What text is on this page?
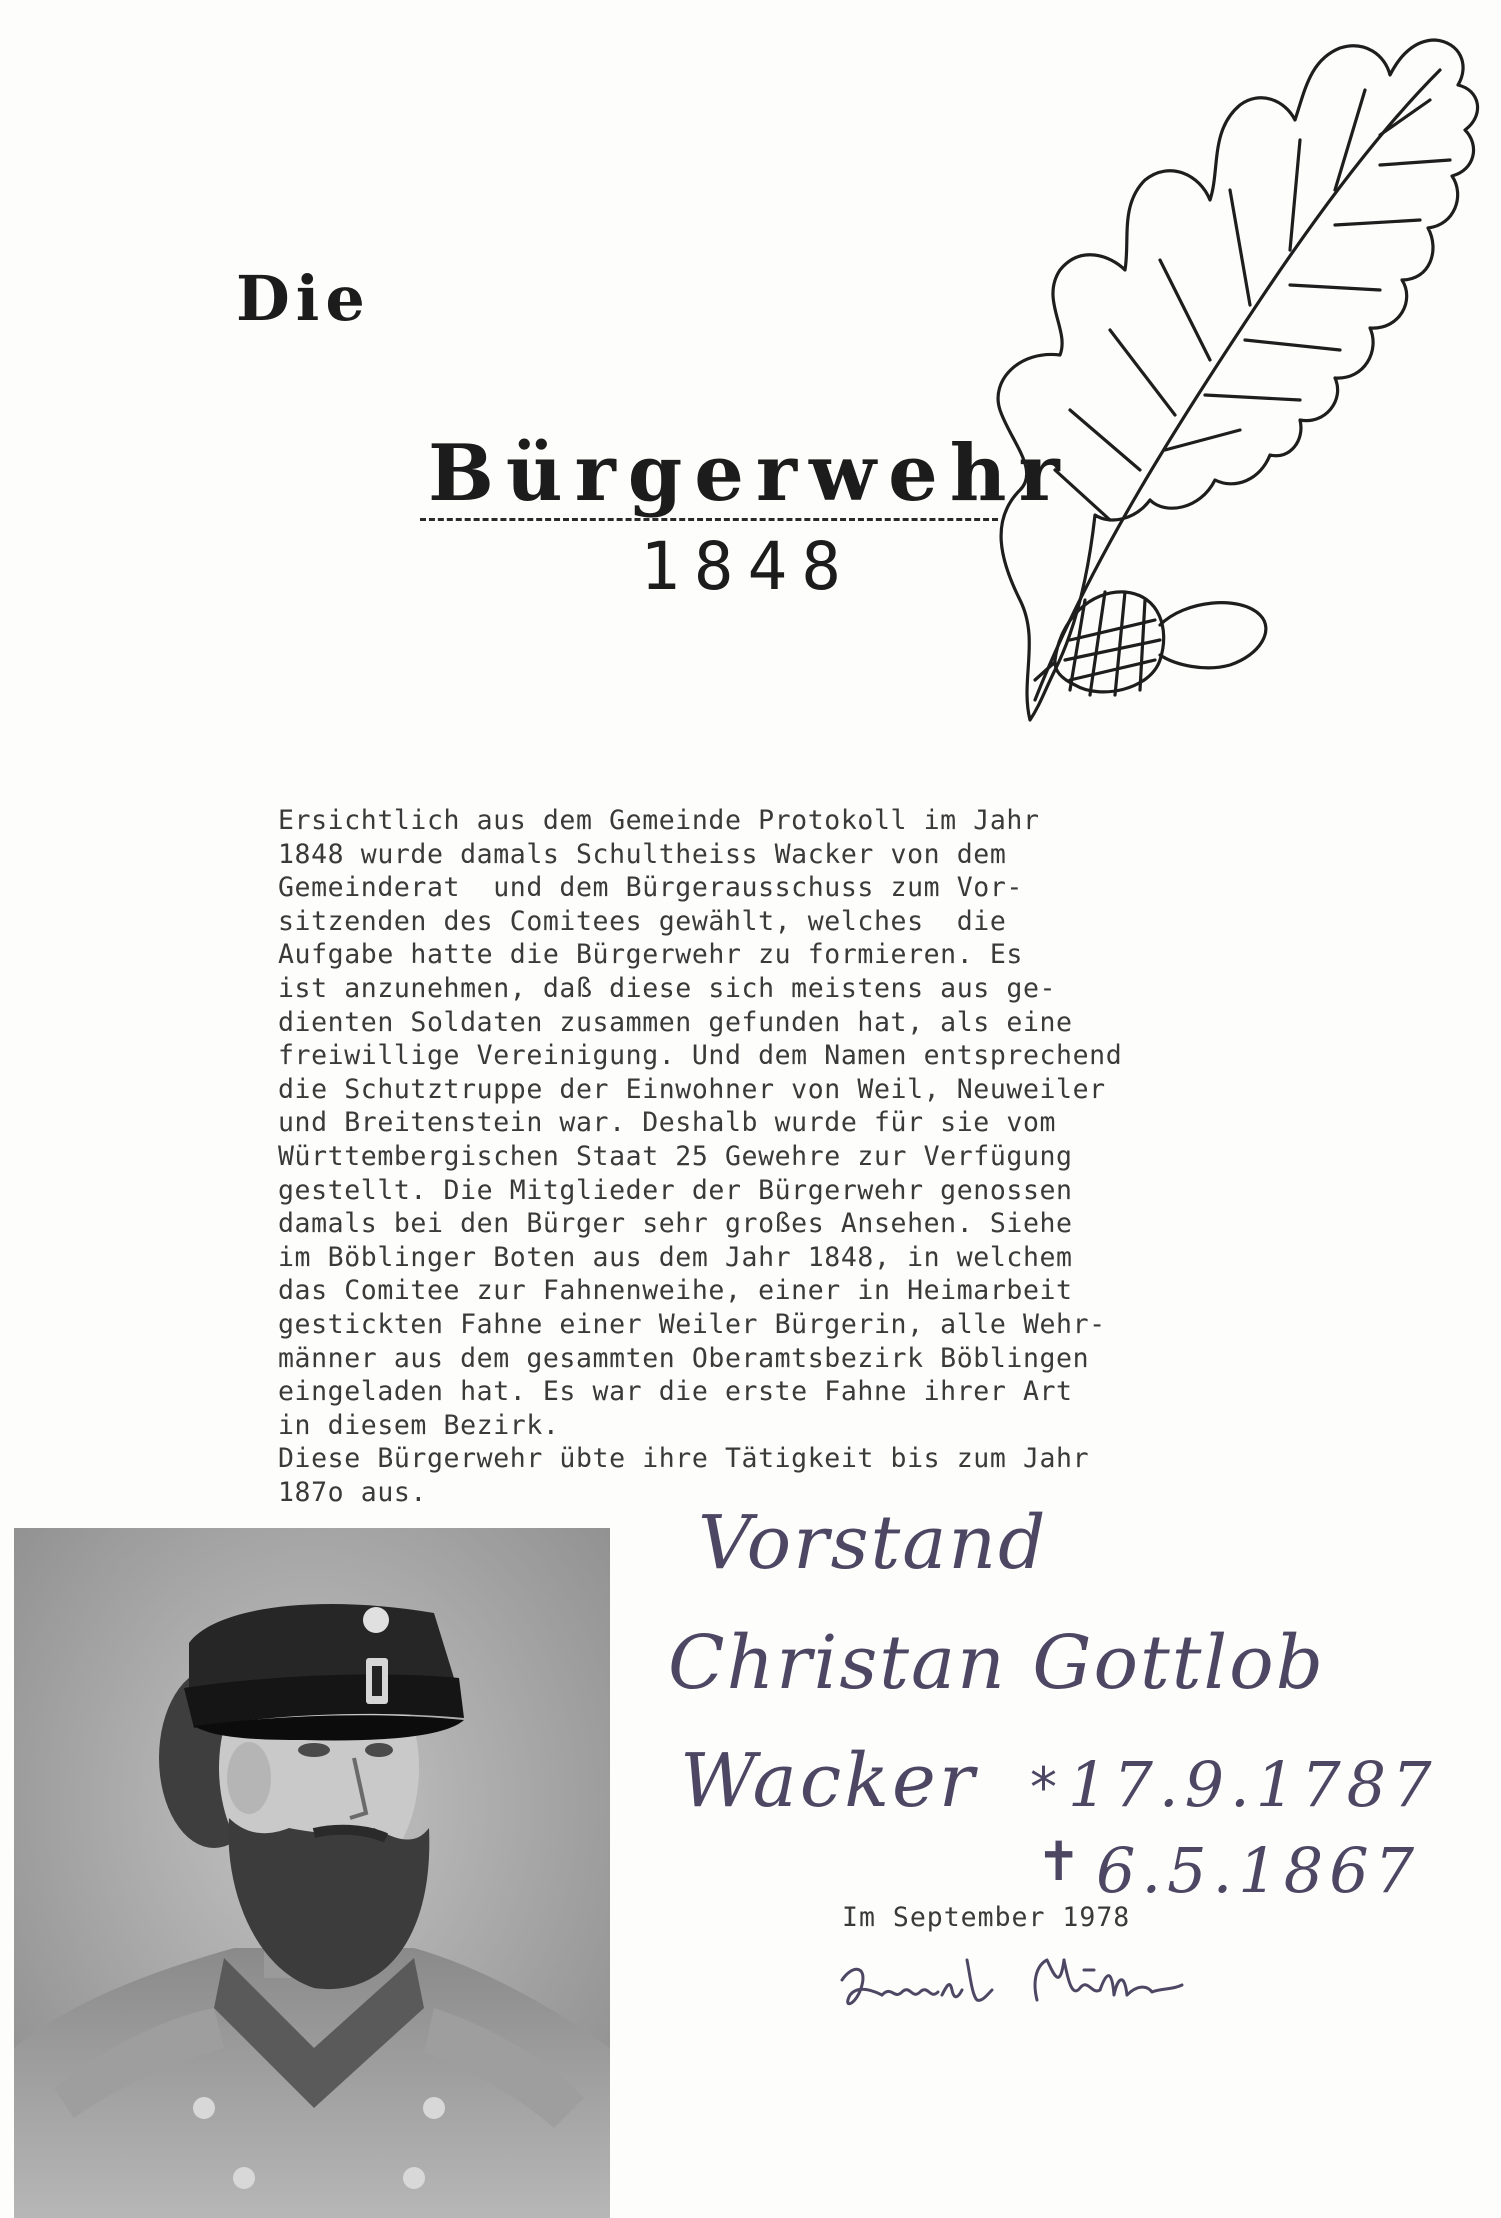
Die
Bürgerwehr
1848
Ersichtlich aus dem Gemeinde Protokoll im Jahr
1848 wurde damals Schultheiss Wacker von dem
Gemeinderat  und dem Bürgerausschuss zum Vor-
sitzenden des Comitees gewählt, welches  die
Aufgabe hatte die Bürgerwehr zu formieren. Es
ist anzunehmen, daß diese sich meistens aus ge-
dienten Soldaten zusammen gefunden hat, als eine
freiwillige Vereinigung. Und dem Namen entsprechend
die Schutztruppe der Einwohner von Weil, Neuweiler
und Breitenstein war. Deshalb wurde für sie vom
Württembergischen Staat 25 Gewehre zur Verfügung
gestellt. Die Mitglieder der Bürgerwehr genossen
damals bei den Bürger sehr großes Ansehen. Siehe
im Böblinger Boten aus dem Jahr 1848, in welchem
das Comitee zur Fahnenweihe, einer in Heimarbeit
gestickten Fahne einer Weiler Bürgerin, alle Wehr-
männer aus dem gesammten Oberamtsbezirk Böblingen
eingeladen hat. Es war die erste Fahne ihrer Art
in diesem Bezirk.
Diese Bürgerwehr übte ihre Tätigkeit bis zum Jahr
187o aus.
Vorstand
Christan Gottlob
Wacker * 17.9.1787
✝ 6.5.1867
Im September 1978
